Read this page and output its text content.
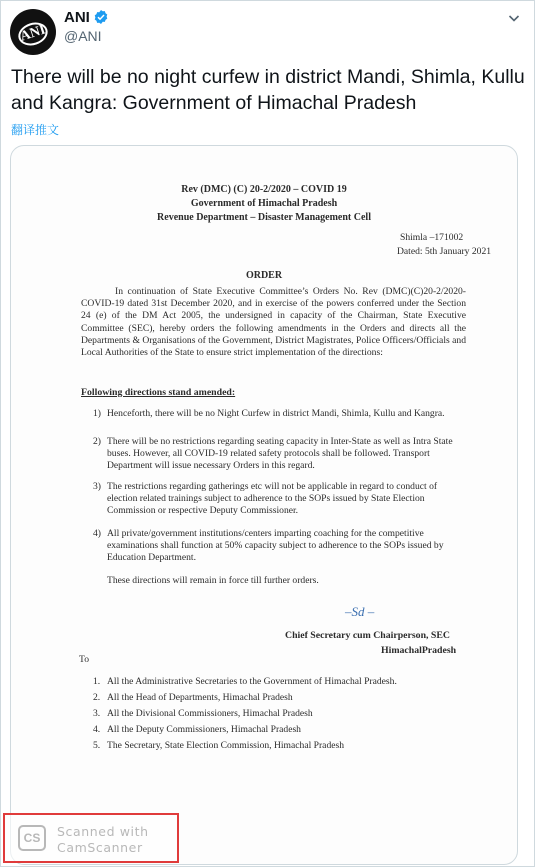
ANI
ANI
@ANI
There will be no night curfew in district Mandi, Shimla, Kullu and Kangra: Government of Himachal Pradesh
翻译推文
Rev (DMC) (C) 20-2/2020 – COVID 19
Government of Himachal Pradesh
Revenue Department – Disaster Management Cell
Shimla –171002
Dated: 5th January 2021
ORDER
In continuation of State Executive Committee’s Orders No. Rev (DMC)(C)20-2/2020-COVID-19 dated 31st December 2020, and in exercise of the powers conferred under the Section 24 (e) of the DM Act 2005, the undersigned in capacity of the Chairman, State Executive Committee (SEC), hereby orders the following amendments in the Orders and directs all the Departments & Organisations of the Government, District Magistrates, Police Officers/Officials and Local Authorities of the State to ensure strict implementation of the directions:
Following directions stand amended:
1) Henceforth, there will be no Night Curfew in district Mandi, Shimla, Kullu and Kangra.
2) There will be no restrictions regarding seating capacity in Inter-State as well as Intra State buses. However, all COVID-19 related safety protocols shall be followed. Transport Department will issue necessary Orders in this regard.
3) The restrictions regarding gatherings etc will not be applicable in regard to conduct of election related trainings subject to adherence to the SOPs issued by State Election Commission or respective Deputy Commissioner.
4) All private/government institutions/centers imparting coaching for the competitive examinations shall function at 50% capacity subject to adherence to the SOPs issued by Education Department.
These directions will remain in force till further orders.
–Sd –
Chief Secretary cum Chairperson, SEC
HimachalPradesh
To
1. All the Administrative Secretaries to the Government of Himachal Pradesh.
2. All the Head of Departments, Himachal Pradesh
3. All the Divisional Commissioners, Himachal Pradesh
4. All the Deputy Commissioners, Himachal Pradesh
5. The Secretary, State Election Commission, Himachal Pradesh
CS	Scanned with
CamScanner
